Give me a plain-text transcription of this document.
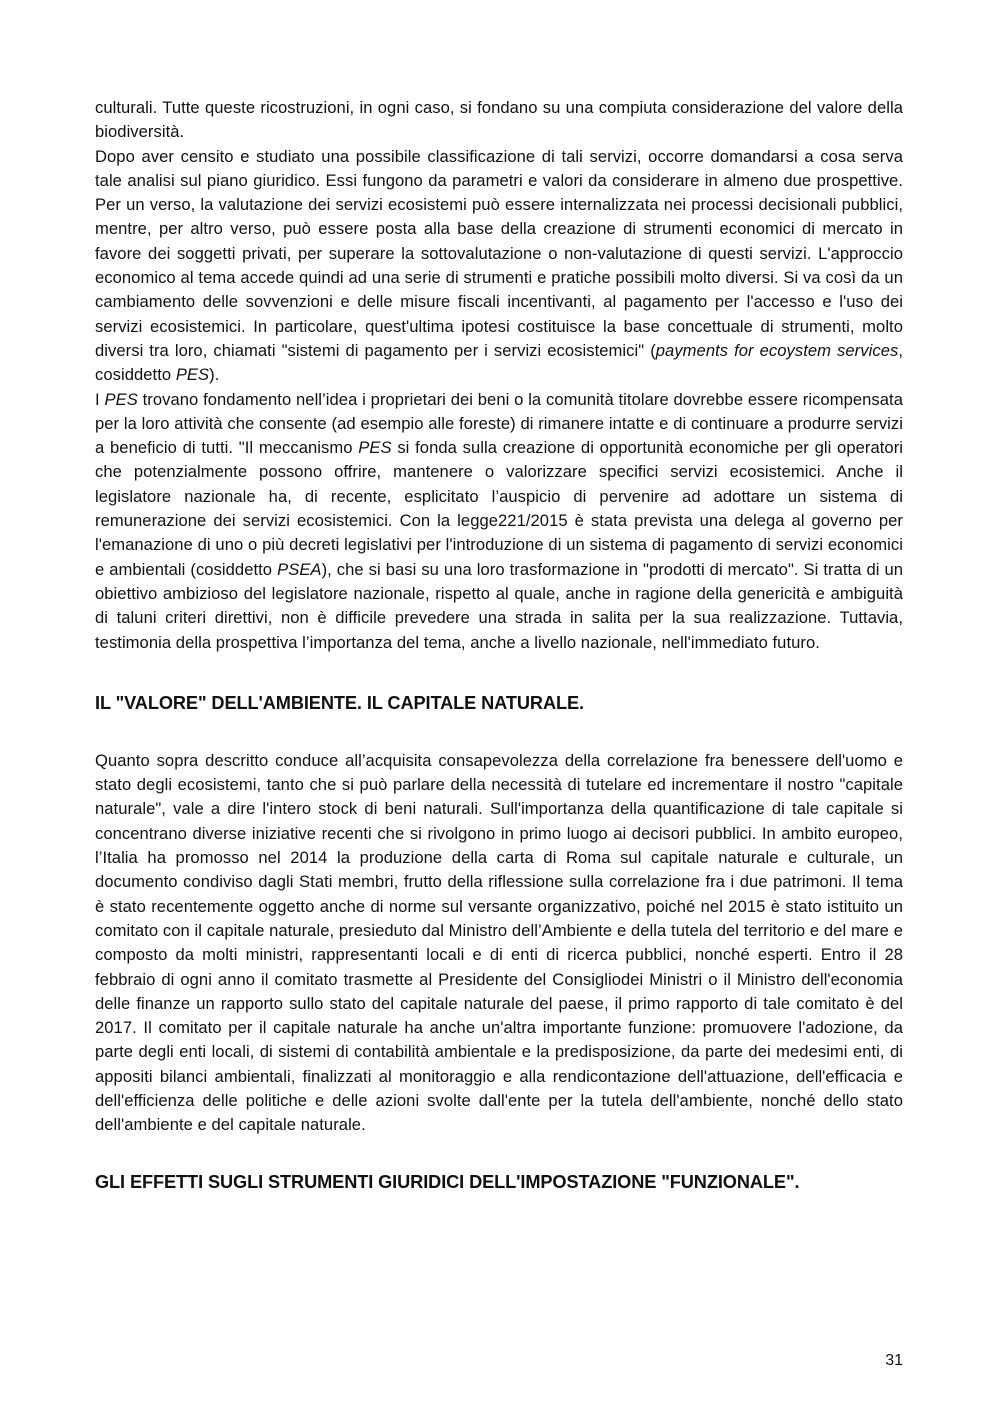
culturali. Tutte queste ricostruzioni, in ogni caso, si fondano su una compiuta considerazione del valore della biodiversità.

Dopo aver censito e studiato una possibile classificazione di tali servizi, occorre domandarsi a cosa serva tale analisi sul piano giuridico. Essi fungono da parametri e valori da considerare in almeno due prospettive. Per un verso, la valutazione dei servizi ecosistemi può essere internalizzata nei processi decisionali pubblici, mentre, per altro verso, può essere posta alla base della creazione di strumenti economici di mercato in favore dei soggetti privati, per superare la sottovalutazione o non-valutazione di questi servizi. L'approccio economico al tema accede quindi ad una serie di strumenti e pratiche possibili molto diversi. Si va così da un cambiamento delle sovvenzioni e delle misure fiscali incentivanti, al pagamento per l'accesso e l'uso dei servizi ecosistemici. In particolare, quest'ultima ipotesi costituisce la base concettuale di strumenti, molto diversi tra loro, chiamati "sistemi di pagamento per i servizi ecosistemici" (payments for ecoystem services, cosiddetto PES).

I PES trovano fondamento nell’idea i proprietari dei beni o la comunità titolare dovrebbe essere ricompensata per la loro attività che consente (ad esempio alle foreste) di rimanere intatte e di continuare a produrre servizi a beneficio di tutti. "Il meccanismo PES si fonda sulla creazione di opportunità economiche per gli operatori che potenzialmente possono offrire, mantenere o valorizzare specifici servizi ecosistemici. Anche il legislatore nazionale ha, di recente, esplicitato l’auspicio di pervenire ad adottare un sistema di remunerazione dei servizi ecosistemici. Con la legge221/2015 è stata prevista una delega al governo per l'emanazione di uno o più decreti legislativi per l'introduzione di un sistema di pagamento di servizi economici e ambientali (cosiddetto PSEA), che si basi su una loro trasformazione in "prodotti di mercato". Si tratta di un obiettivo ambizioso del legislatore nazionale, rispetto al quale, anche in ragione della genericità e ambiguità di taluni criteri direttivi, non è difficile prevedere una strada in salita per la sua realizzazione. Tuttavia, testimonia della prospettiva l’importanza del tema, anche a livello nazionale, nell'immediato futuro.

IL "VALORE" DELL'AMBIENTE. IL CAPITALE NATURALE.

Quanto sopra descritto conduce all’acquisita consapevolezza della correlazione fra benessere dell'uomo e stato degli ecosistemi, tanto che si può parlare della necessità di tutelare ed incrementare il nostro "capitale naturale", vale a dire l'intero stock di beni naturali. Sull'importanza della quantificazione di tale capitale si concentrano diverse iniziative recenti che si rivolgono in primo luogo ai decisori pubblici. In ambito europeo, l’Italia ha promosso nel 2014 la produzione della carta di Roma sul capitale naturale e culturale, un documento condiviso dagli Stati membri, frutto della riflessione sulla correlazione fra i due patrimoni. Il tema è stato recentemente oggetto anche di norme sul versante organizzativo, poiché nel 2015 è stato istituito un comitato con il capitale naturale, presieduto dal Ministro dell’Ambiente e della tutela del territorio e del mare e composto da molti ministri, rappresentanti locali e di enti di ricerca pubblici, nonché esperti. Entro il 28 febbraio di ogni anno il comitato trasmette al Presidente del Consigliodei Ministri o il Ministro dell'economia delle finanze un rapporto sullo stato del capitale naturale del paese, il primo rapporto di tale comitato è del 2017. Il comitato per il capitale naturale ha anche un'altra importante funzione: promuovere l'adozione, da parte degli enti locali, di sistemi di contabilità ambientale e la predisposizione, da parte dei medesimi enti, di appositi bilanci ambientali, finalizzati al monitoraggio e alla rendicontazione dell'attuazione, dell'efficacia e dell'efficienza delle politiche e delle azioni svolte dall'ente per la tutela dell'ambiente, nonché dello stato dell'ambiente e del capitale naturale.

GLI EFFETTI SUGLI STRUMENTI GIURIDICI DELL'IMPOSTAZIONE "FUNZIONALE".
31
